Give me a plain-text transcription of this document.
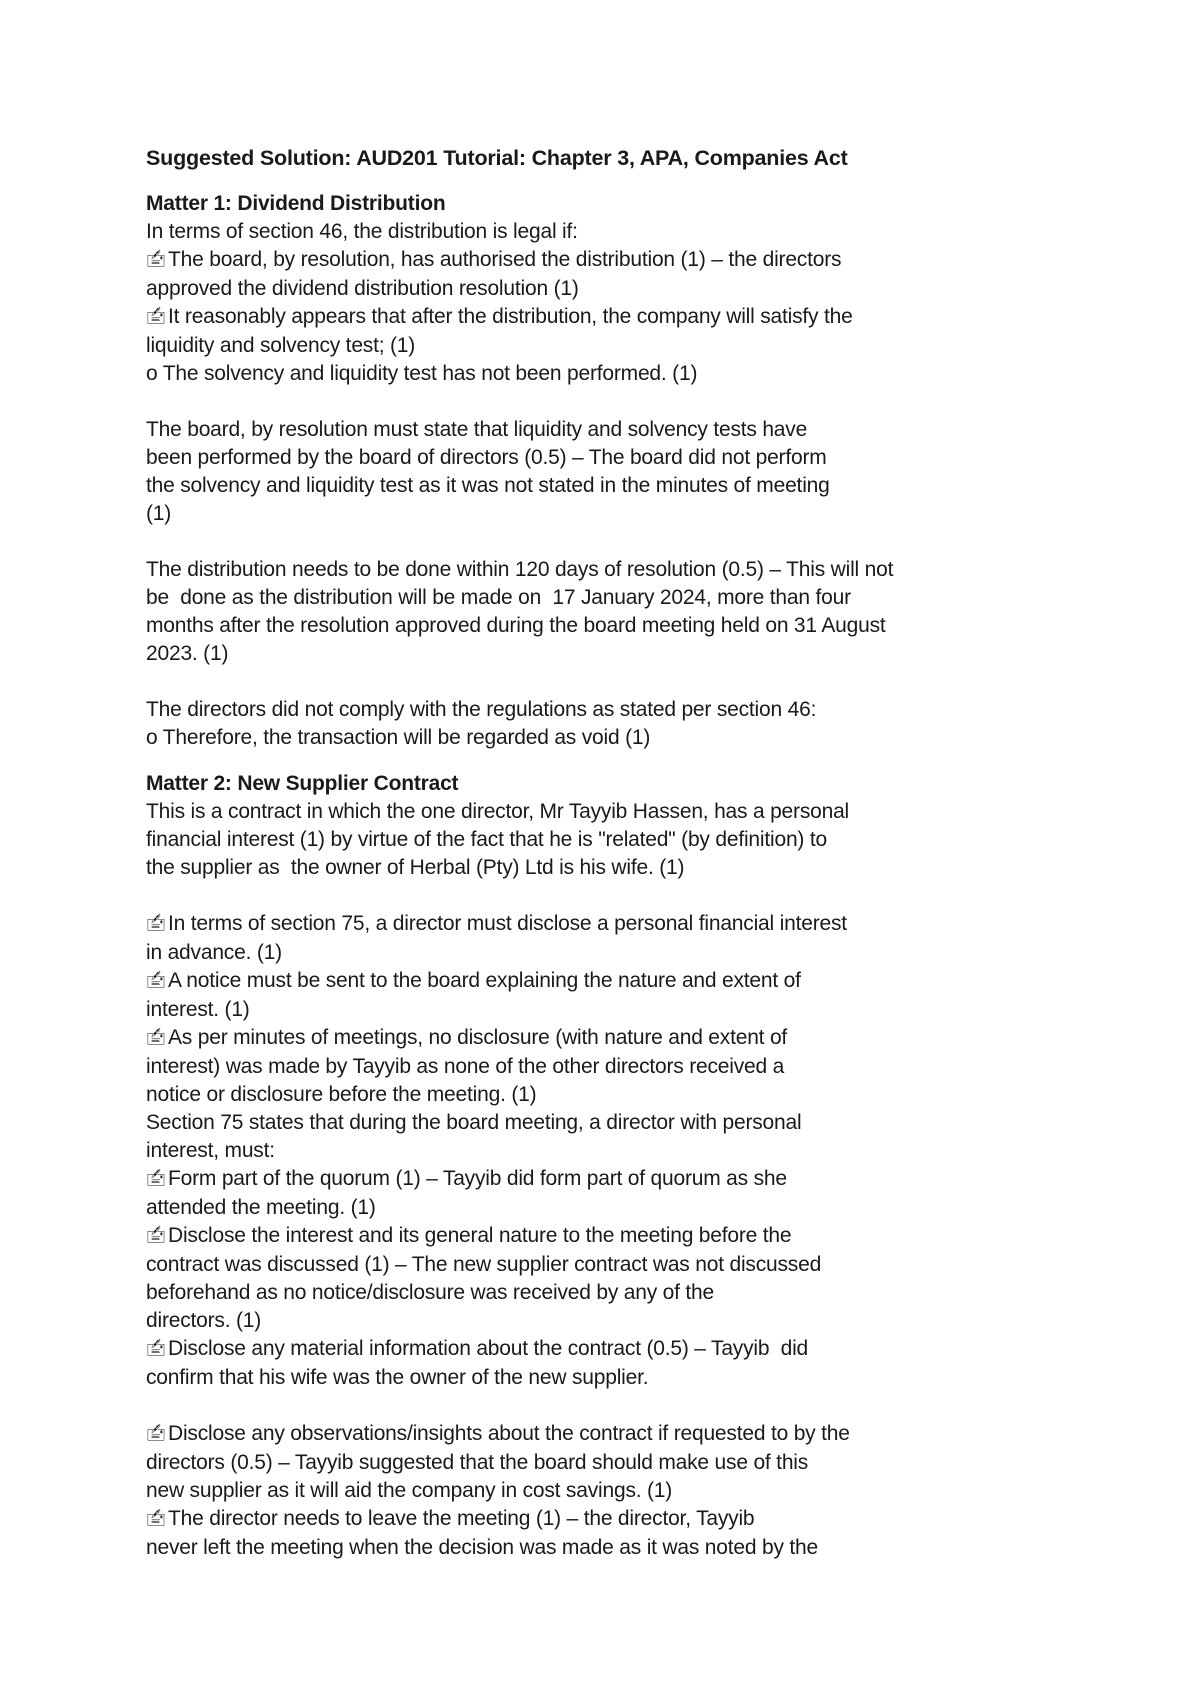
Suggested Solution: AUD201 Tutorial: Chapter 3, APA, Companies Act
Matter 1: Dividend Distribution
In terms of section 46, the distribution is legal if:
🖆 The board, by resolution, has authorised the distribution (1) – the directors
approved the dividend distribution resolution (1)
🖆 It reasonably appears that after the distribution, the company will satisfy the
liquidity and solvency test; (1)
o The solvency and liquidity test has not been performed. (1)
The board, by resolution must state that liquidity and solvency tests have
been performed by the board of directors (0.5) – The board did not perform
the solvency and liquidity test as it was not stated in the minutes of meeting
(1)
The distribution needs to be done within 120 days of resolution (0.5) – This will not
be  done as the distribution will be made on  17 January 2024, more than four
months after the resolution approved during the board meeting held on 31 August
2023. (1)
The directors did not comply with the regulations as stated per section 46:
o Therefore, the transaction will be regarded as void (1)
Matter 2: New Supplier Contract
This is a contract in which the one director, Mr Tayyib Hassen, has a personal
financial interest (1) by virtue of the fact that he is "related" (by definition) to
the supplier as  the owner of Herbal (Pty) Ltd is his wife. (1)
🖆 In terms of section 75, a director must disclose a personal financial interest
in advance. (1)
🖆 A notice must be sent to the board explaining the nature and extent of
interest. (1)
🖆 As per minutes of meetings, no disclosure (with nature and extent of
interest) was made by Tayyib as none of the other directors received a
notice or disclosure before the meeting. (1)
Section 75 states that during the board meeting, a director with personal
interest, must:
🖆 Form part of the quorum (1) – Tayyib did form part of quorum as she
attended the meeting. (1)
🖆 Disclose the interest and its general nature to the meeting before the
contract was discussed (1) – The new supplier contract was not discussed
beforehand as no notice/disclosure was received by any of the
directors. (1)
🖆 Disclose any material information about the contract (0.5) – Tayyib  did
confirm that his wife was the owner of the new supplier.
🖆 Disclose any observations/insights about the contract if requested to by the
directors (0.5) – Tayyib suggested that the board should make use of this
new supplier as it will aid the company in cost savings. (1)
🖆 The director needs to leave the meeting (1) – the director, Tayyib
never left the meeting when the decision was made as it was noted by the
